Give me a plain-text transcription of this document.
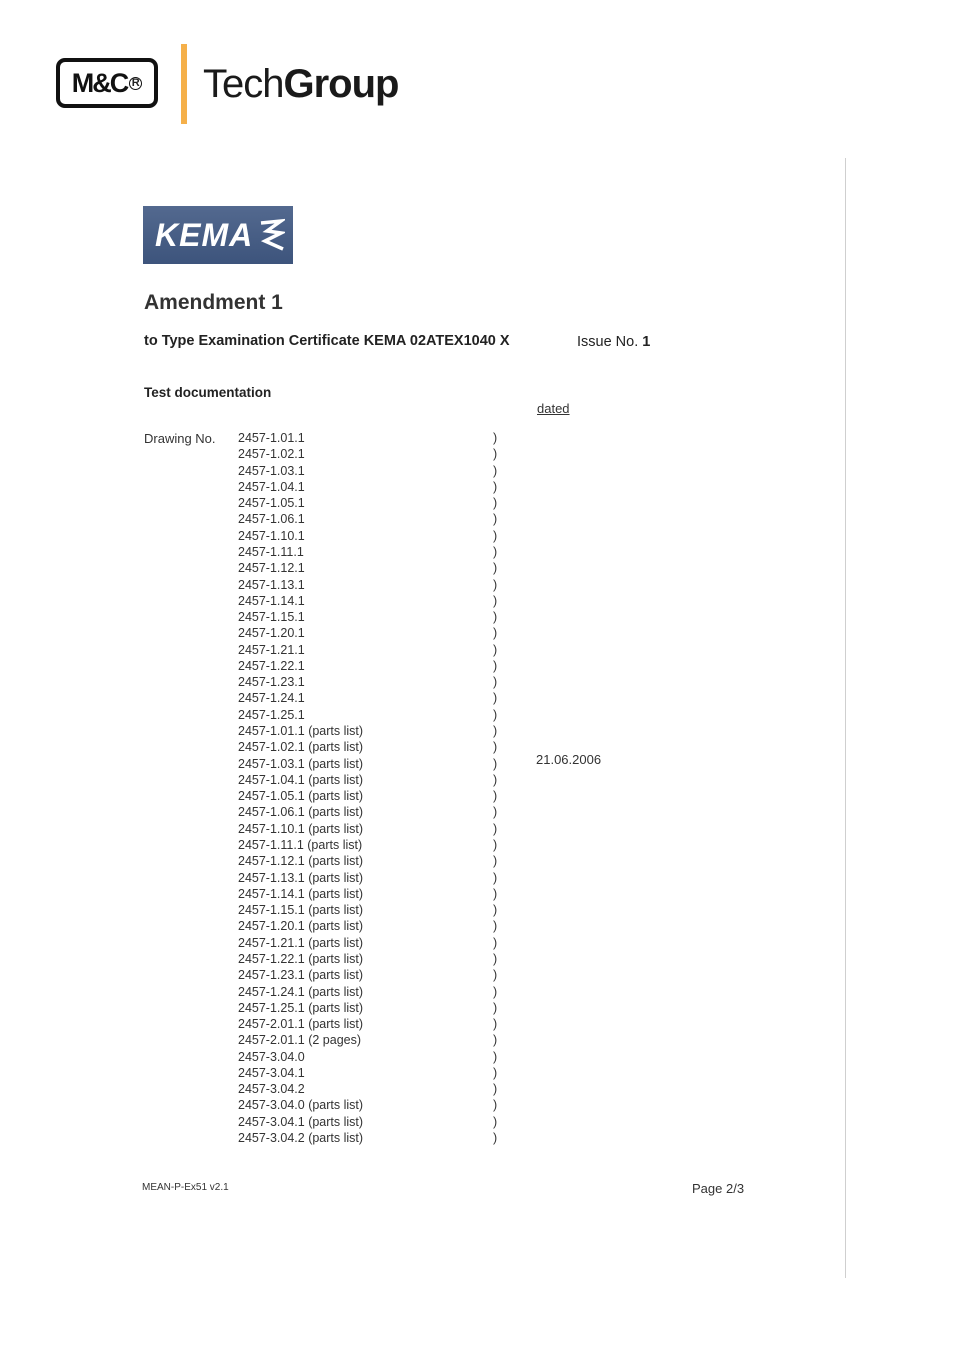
M&C R TechGroup
KEMA
Amendment 1
to Type Examination Certificate KEMA 02ATEX1040 X	Issue No. 1
Test documentation
dated
Drawing No. 2457-1.01.1	)
2457-1.02.1	)
2457-1.03.1	)
2457-1.04.1	)
2457-1.05.1	)
2457-1.06.1	)
2457-1.10.1	)
2457-1.11.1	)
2457-1.12.1	)
2457-1.13.1	)
2457-1.14.1	)
2457-1.15.1	)
2457-1.20.1	)
2457-1.21.1	)
2457-1.22.1	)
2457-1.23.1	)
2457-1.24.1	)
2457-1.25.1	)
2457-1.01.1 (parts list)	)
2457-1.02.1 (parts list)	)
2457-1.03.1 (parts list)	)
2457-1.04.1 (parts list)	)
2457-1.05.1 (parts list)	)
2457-1.06.1 (parts list)	)
2457-1.10.1 (parts list)	)
2457-1.11.1 (parts list)	)
2457-1.12.1 (parts list)	)
2457-1.13.1 (parts list)	)
2457-1.14.1 (parts list)	)
2457-1.15.1 (parts list)	)
2457-1.20.1 (parts list)	)
2457-1.21.1 (parts list)	)
2457-1.22.1 (parts list)	)
2457-1.23.1 (parts list)	)
2457-1.24.1 (parts list)	)
2457-1.25.1 (parts list)	)
2457-2.01.1 (parts list)	)
2457-2.01.1 (2 pages)	)
2457-3.04.0	)
2457-3.04.1	)
2457-3.04.2	)
2457-3.04.0 (parts list)	)
2457-3.04.1 (parts list)	)
2457-3.04.2 (parts list)	)
21.06.2006
MEAN-P-Ex51 v2.1	Page 2/3
